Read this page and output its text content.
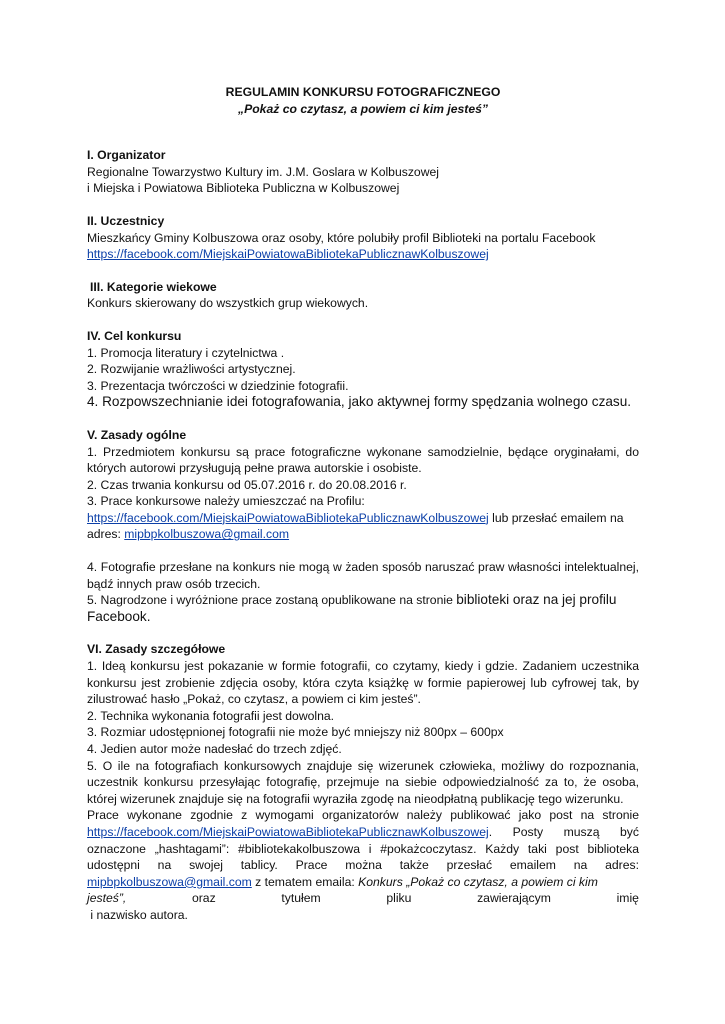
REGULAMIN KONKURSU FOTOGRAFICZNEGO
„Pokaż co czytasz, a powiem ci kim jesteś”
I. Organizator
Regionalne Towarzystwo Kultury im. J.M. Goslara w Kolbuszowej
i Miejska i Powiatowa Biblioteka Publiczna w Kolbuszowej
II. Uczestnicy
Mieszkańcy Gminy Kolbuszowa oraz osoby, które polubiły profil Biblioteki na portalu Facebook
https://facebook.com/MiejskaiPowiatowaBibliotekaPublicznawKolbuszowej
III. Kategorie wiekowe
Konkurs skierowany do wszystkich grup wiekowych.
IV. Cel konkursu
1. Promocja literatury i czytelnictwa .
2. Rozwijanie wrażliwości artystycznej.
3. Prezentacja twórczości w dziedzinie fotografii.
4. Rozpowszechnianie idei fotografowania, jako aktywnej formy spędzania wolnego czasu.
V. Zasady ogólne
1. Przedmiotem konkursu są prace fotograficzne wykonane samodzielnie, będące oryginałami, do których autorowi przysługują pełne prawa autorskie i osobiste.
2. Czas trwania konkursu od 05.07.2016 r. do 20.08.2016 r.
3. Prace konkursowe należy umieszczać na Profilu:
https://facebook.com/MiejskaiPowiatowaBibliotekaPublicznawKolbuszowej lub przesłać emailem na adres: mipbpkolbuszowa@gmail.com
4. Fotografie przesłane na konkurs nie mogą w żaden sposób naruszać praw własności intelektualnej, bądź innych praw osób trzecich.
5. Nagrodzone i wyróżnione prace zostaną opublikowane na stronie biblioteki oraz na jej profilu Facebook.
VI. Zasady szczegółowe
1. Ideą konkursu jest pokazanie w formie fotografii, co czytamy, kiedy i gdzie. Zadaniem uczestnika konkursu jest zrobienie zdjęcia osoby, która czyta książkę w formie papierowej lub cyfrowej tak, by zilustrować hasło „Pokaż, co czytasz, a powiem ci kim jesteś”.
2. Technika wykonania fotografii jest dowolna.
3. Rozmiar udostępnionej fotografii nie może być mniejszy niż 800px – 600px
4. Jedien autor może nadesłać do trzech zdjęć.
5. O ile na fotografiach konkursowych znajduje się wizerunek człowieka, możliwy do rozpoznania, uczestnik konkursu przesyłając fotografię, przejmuje na siebie odpowiedzialność za to, że osoba, której wizerunek znajduje się na fotografii wyraziła zgodę na nieodpłatną publikację tego wizerunku.
Prace wykonane zgodnie z wymogami organizatorów należy publikować jako post na stronie https://facebook.com/MiejskaiPowiatowaBibliotekaPublicznawKolbuszowej. Posty muszą być oznaczone „hashtagami”: #bibliotekakolbuszowa i #pokażcoczytasz. Każdy taki post biblioteka udostępni na swojej tablicy. Prace można także przesłać emailem na adres: mipbpkolbuszowa@gmail.com z tematem emaila: Konkurs „Pokaż co czytasz, a powiem ci kim
jesteś”,	oraz	tytułem	pliku	zawierającym	imię
i nazwisko autora.
